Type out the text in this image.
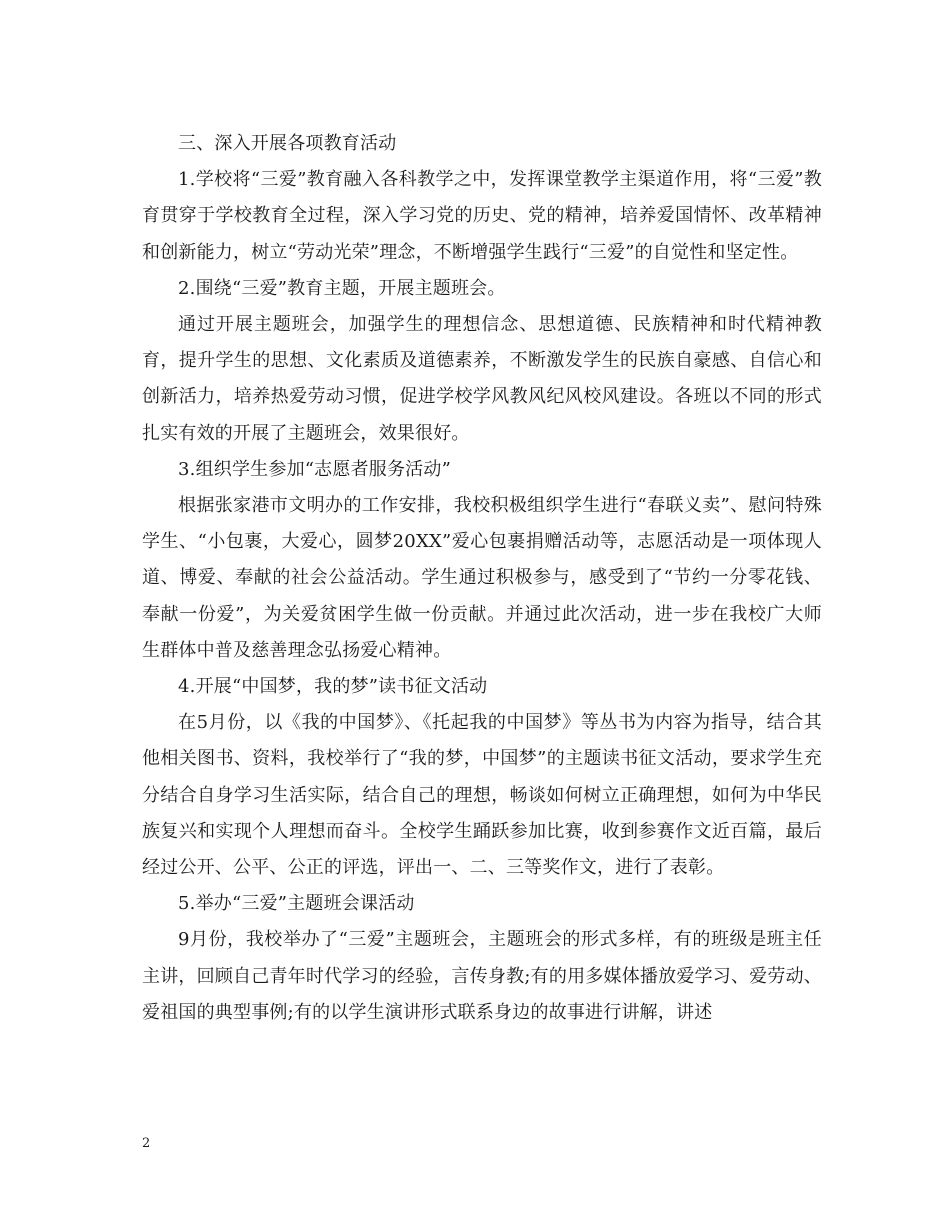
三、深入开展各项教育活动

1.学校将“三爱”教育融入各科教学之中，发挥课堂教学主渠道作用，将“三爱”教育贯穿于学校教育全过程，深入学习党的历史、党的精神，培养爱国情怀、改革精神和创新能力，树立“劳动光荣”理念，不断增强学生践行“三爱”的自觉性和坚定性。

2.围绕“三爱”教育主题，开展主题班会。

通过开展主题班会，加强学生的理想信念、思想道德、民族精神和时代精神教育，提升学生的思想、文化素质及道德素养，不断激发学生的民族自豪感、自信心和创新活力，培养热爱劳动习惯，促进学校学风教风纪风校风建设。各班以不同的形式扎实有效的开展了主题班会，效果很好。

3.组织学生参加“志愿者服务活动”

根据张家港市文明办的工作安排，我校积极组织学生进行“春联义卖”、慰问特殊学生、“小包裹，大爱心，圆梦20XX”爱心包裹捐赠活动等，志愿活动是一项体现人道、博爱、奉献的社会公益活动。学生通过积极参与，感受到了“节约一分零花钱、奉献一份爱”，为关爱贫困学生做一份贡献。并通过此次活动，进一步在我校广大师生群体中普及慈善理念弘扬爱心精神。

4.开展“中国梦，我的梦”读书征文活动

在5月份，以《我的中国梦》、《托起我的中国梦》等丛书为内容为指导，结合其他相关图书、资料，我校举行了“我的梦，中国梦”的主题读书征文活动，要求学生充分结合自身学习生活实际，结合自己的理想，畅谈如何树立正确理想，如何为中华民族复兴和实现个人理想而奋斗。全校学生踊跃参加比赛，收到参赛作文近百篇，最后经过公开、公平、公正的评选，评出一、二、三等奖作文，进行了表彰。

5.举办“三爱”主题班会课活动

9月份，我校举办了“三爱”主题班会，主题班会的形式多样，有的班级是班主任主讲，回顾自己青年时代学习的经验，言传身教;有的用多媒体播放爱学习、爱劳动、爱祖国的典型事例;有的以学生演讲形式联系身边的故事进行讲解，讲述

2
